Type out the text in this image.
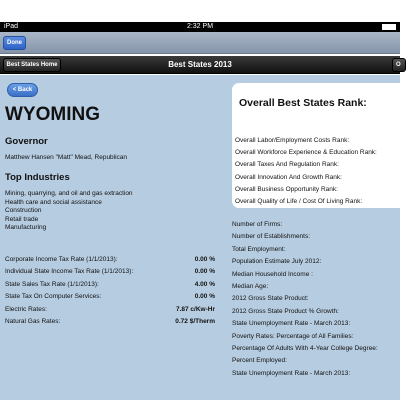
iPad	2:32 PM
Done
Best States 2013
Best States Home	O
< Back
WYOMING
Governor
Matthew Hansen "Matt" Mead, Republican
Top Industries
Mining, quarrying, and oil and gas extraction
Health care and social assistance
Construction
Retail trade
Manufacturing
Corporate Income Tax Rate (1/1/2013):	0.00 %
Individual State Income Tax Rate (1/1/2013):	0.00 %
State Sales Tax Rate (1/1/2013):	4.00 %
State Tax On Computer Services:	0.00 %
Electric Rates:	7.87 c/Kw-Hr
Natural Gas Rates:	0.72 $/Therm
Overall Best States Rank:
Overall Labor/Employment Costs Rank:
Overall Workforce Experience & Education Rank:
Overall Taxes And Regulation Rank:
Overall Innovation And Growth Rank:
Overall Business Opportunity Rank:
Overall Quality of Life / Cost Of Living Rank:
Number of Firms:
Number of Establishments:
Total Employment:
Population Estimate July 2012:
Median Household Income :
Median Age:
2012 Gross State Product:
2012 Gross State Product % Growth:
State Unemployment Rate - March 2013:
Poverty Rates: Percentage of All Families:
Percentage Of Adults With 4-Year College Degree:
Percent Employed:
State Unemployment Rate - March 2013:
